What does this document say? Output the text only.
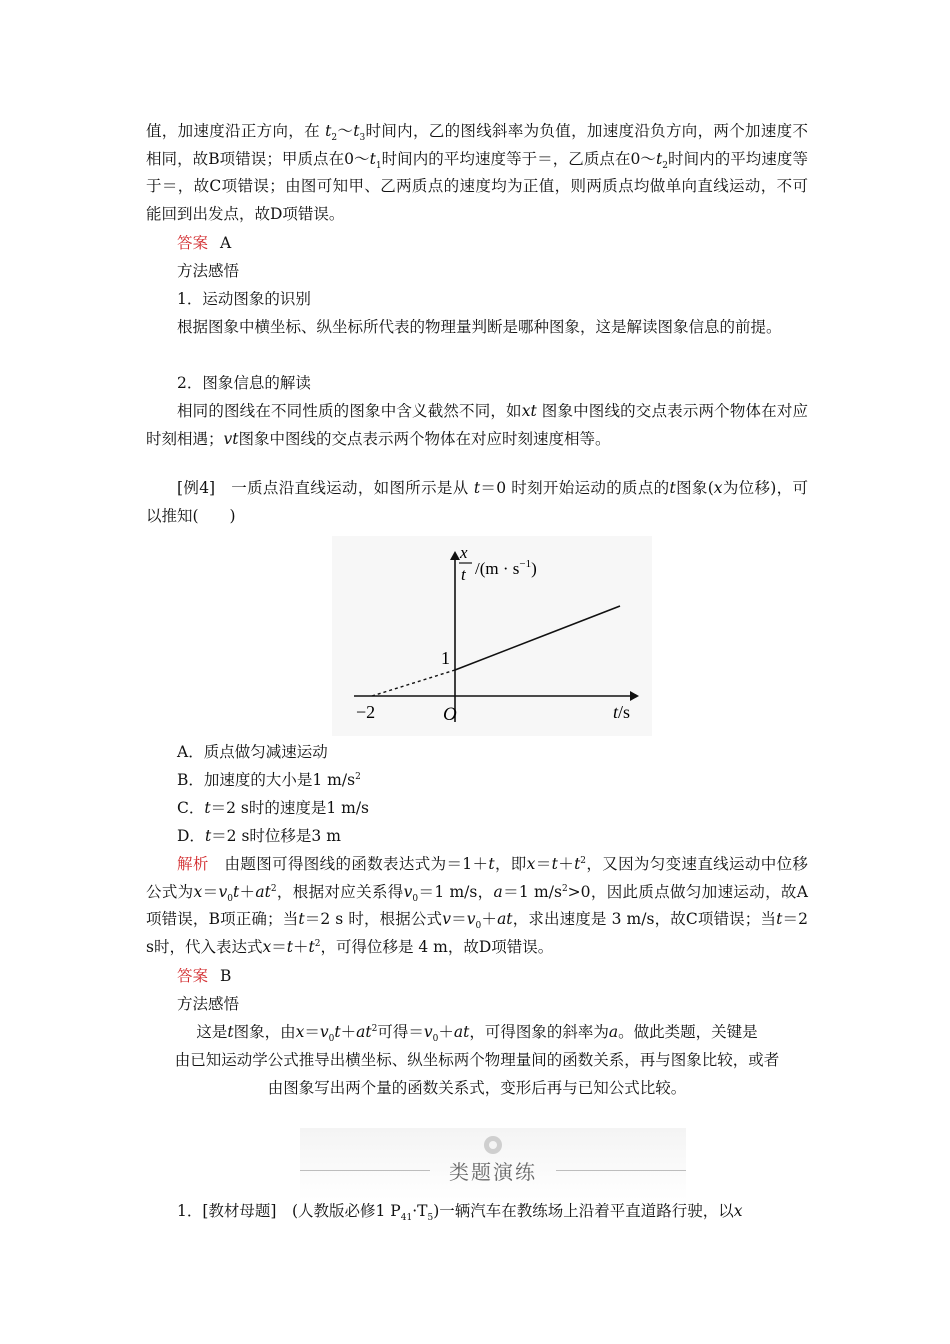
值，加速度沿正方向，在 $t_2\sim t_3$时间内，乙的图线斜率为负值，加速度沿负方向，两个加速度不相同，故B项错误；甲质点在$0\sim t_1$时间内的平均速度等于＝，乙质点在$0\sim t_2$时间内的平均速度等于＝，故C项错误；由图可知甲、乙两质点的速度均为正值，则两质点均做单向直线运动，不可能回到出发点，故D项错误。

答案 A
方法感悟
1．运动图象的识别

根据图象中横坐标、纵坐标所代表的物理量判断是哪种图象，这是解读图象信息的前提。

2．图象信息的解读

相同的图线在不同性质的图象中含义截然不同，如xt 图象中图线的交点表示两个物体在对应时刻相遇；vt图象中图线的交点表示两个物体在对应时刻速度相等。

[例4]　一质点沿直线运动，如图所示是从 t＝0 时刻开始运动的质点的t图象(x为位移)，可以推知(　　)

x
t $/(m \cdot s^{-1})$
1
−2	O	t/s
A．质点做匀减速运动
B．加速度的大小是1 $m/s^2$
C．t＝2 s时的速度是1 m/s
D．t＝2 s时位移是3 m

解析　由题图可得图线的函数表达式为＝1＋t，即$x=t+t^2$，又因为匀变速直线运动中位移公式为$x=v_0t+at^2$，根据对应关系得$v_0=1$ m/s，a＝1 $m/s^2>0$，因此质点做匀加速运动，故A项错误，B项正确；当t＝2 s 时，根据公式$v=v_0+at$，求出速度是 3 m/s，故C项错误；当t＝2 s时，代入表达式$x=t+t^2$，可得位移是 4 m，故D项错误。

答案 B
方法感悟
这是t图象，由$x=v_0t+at^2$可得$=v_0+at$，可得图象的斜率为a。做此类题，关键是
由已知运动学公式推导出横坐标、纵坐标两个物理量间的函数关系，再与图象比较，或者
由图象写出两个量的函数关系式，变形后再与已知公式比较。
类题演练
1．[教材母题]　(人教版必修1 $P_{41}\cdot T_5$)一辆汽车在教练场上沿着平直道路行驶，以x
